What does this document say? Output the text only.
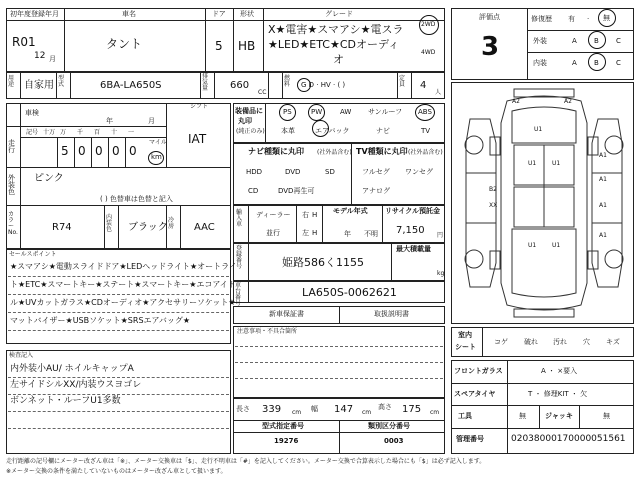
初年度登録年月
R01
12 月
車名
タント
ドア
5
形状
HB
グレード
X★電害★スマアシ★電スラ
★LED★ETC★CDオーディ
オ
2WD
4WD
用途 自家用
型式	6BA-LA650S
排気量 660
CC
燃料 G D · HV · ( )
定員 4
人
車検
年	月
シフト
IAT
走行
記号 十万 万
5
千
0
百
0
十
0
一
0
マイル
km
外装色
ピンク
( ) 色替車は色替と記入
カラーNo.	R74
内装色 ブラック
冷房 AAC
セールスポイント
★スマアシ★電動スライドドア★LEDヘッドライト★オートライ
ト★ETC★スマートキー★ステート★スマートキー★エコアイド
ル★UVカットガラス★CDオーディオ★アクセサリーソケット★
マットバイザー★USBソケット★SRSエアバッグ★
検査記入
内外装小AU/ ホイルキャップA
左サイドシルXX/内装ウスヨゴレ
ボンネット・ルーフU1多数
装備品に
丸印
(純正のみ)
PS	PW	AW サンルーフ ABS
本革	エアバック	ナビ	TV
ナビ種類に丸印 (社外品含む)
HDD	DVD	SD
CD	DVD再生可
TV種類に丸印 (社外品含む)
フルセグ ワンセグ
アナログ
輸入車
ディーラー
並行
右 H
左 H
モデル年式
年 不明
リサイクル預託金
7,150 円
登録番号	姫路586く1155
最大積載量
kg
車台番号
LA650S-0062621
新車保証書	取扱説明書
注意事項・不具合箇所
長さ 339 cm 幅 147 cm
高さ 175 cm
型式指定番号
19276
類別区分番号
0003
評価点
3
修復歴 有 · 無
外装	A B C
内装	A B C
A2	A2
U1
U1	U1
A1
A1
B2
XX	A1
A1
U1	U1
室内
シート
コゲ 破れ 汚れ 穴 キズ
フロントガラス	A ・ ×要入
スペアタイヤ	T ・ 修理KIT ・ 欠
工具	無	ジャッキ	無
管理番号	02038000170000051561
走行距離の記号欄にメーター改ざん車は「※」、メーター交換車は「$」、走行不明車は「#」を記入してください。メーター交換で合算表示した場合にも「$」は必ず記入します。
※メーター交換の条件を満たしていないものはメーター改ざん車として扱います。
